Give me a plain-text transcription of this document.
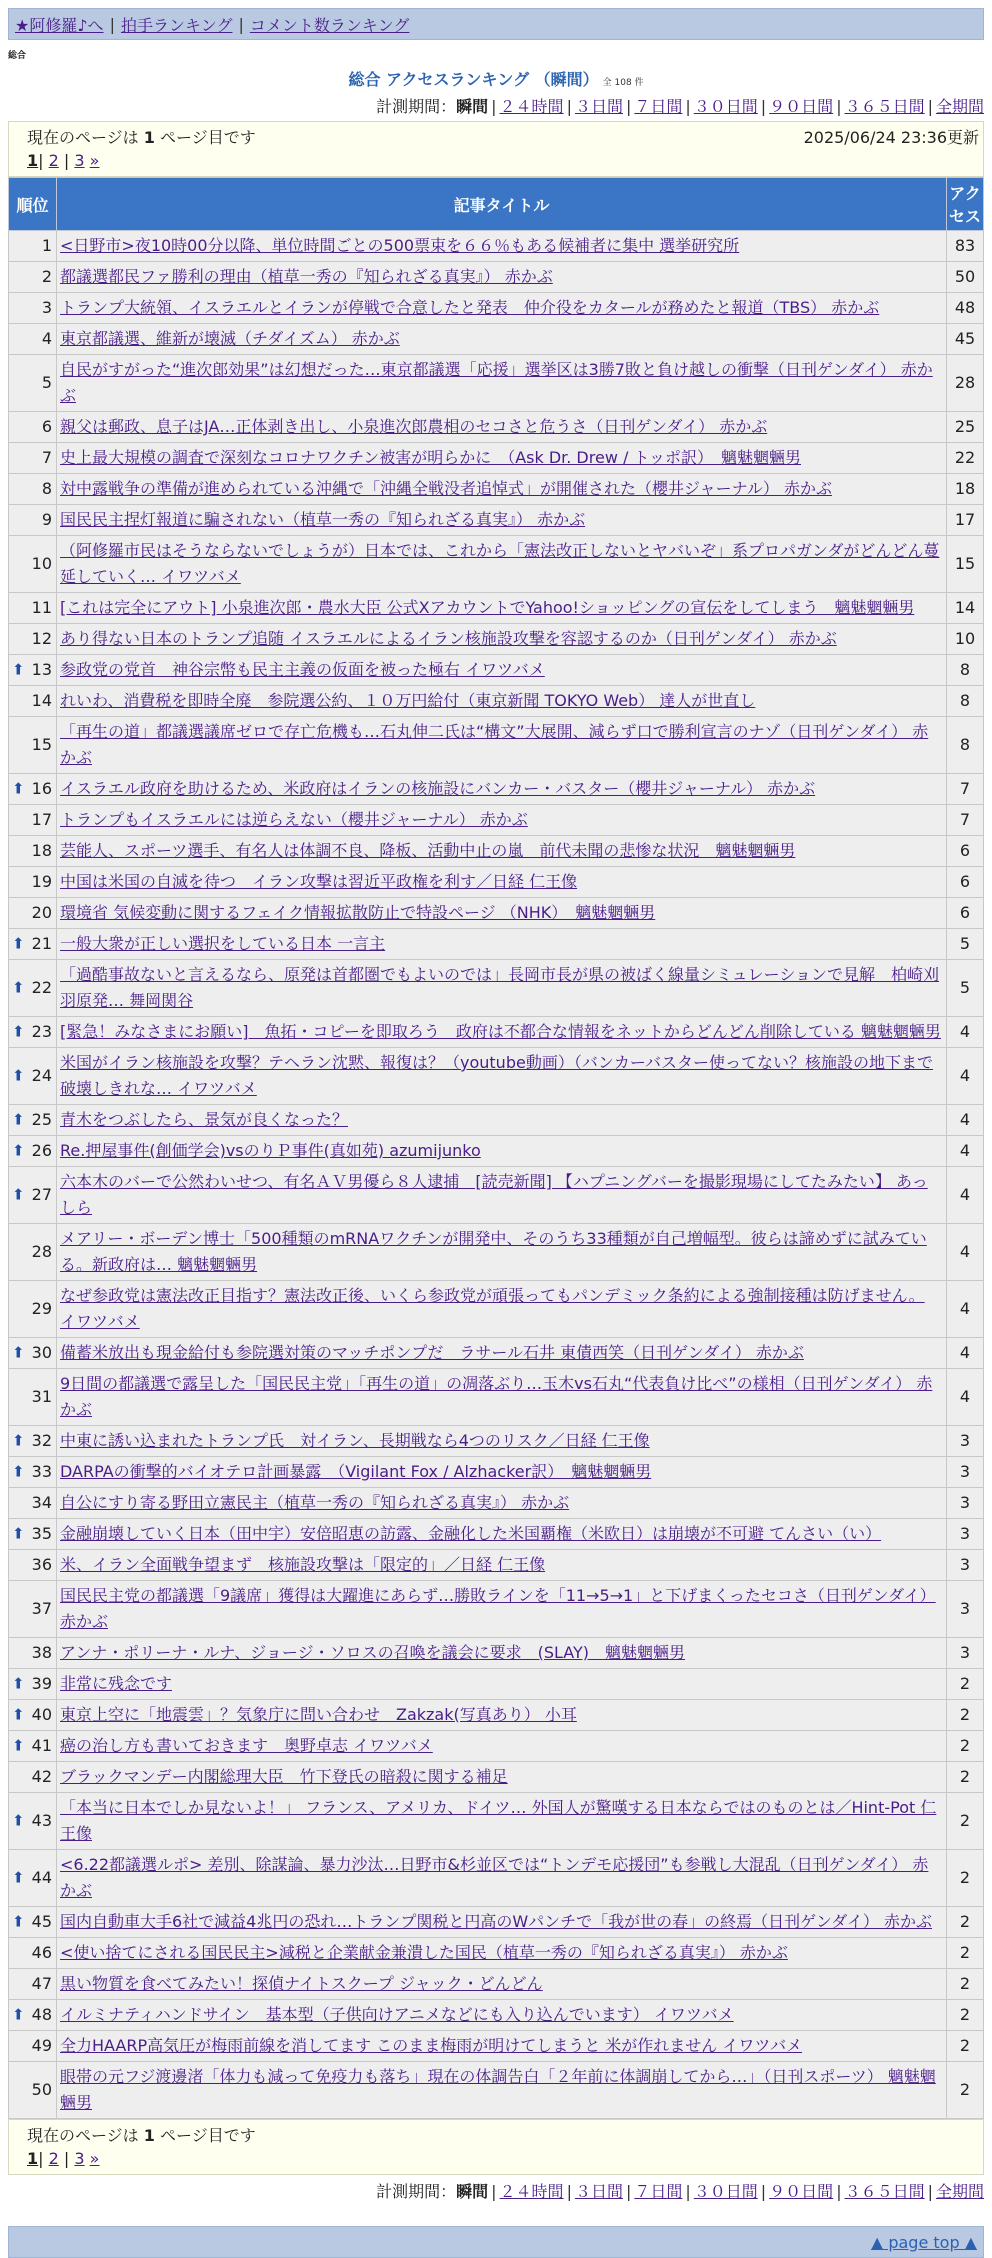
★阿修羅♪へ | 拍手ランキング | コメント数ランキング
総合
総合 アクセスランキング （瞬間） 全 108 件
計測期間：瞬間 | ２４時間 | ３日間 | ７日間 | ３０日間 | ９０日間 | ３６５日間 | 全期間
現在のページは 1 ページ目です	2025/06/24 23:36更新
1| 2 | 3 »
順位	記事タイトル	アクセス
1	<日野市>夜10時00分以降、単位時間ごとの500票束を６６％もある候補者に集中 選挙研究所	83
2	都議選都民ファ勝利の理由（植草一秀の『知られざる真実』） 赤かぶ	50
3	トランプ大統領、イスラエルとイランが停戦で合意したと発表　仲介役をカタールが務めたと報道（TBS） 赤かぶ	48
4	東京都議選、維新が壊滅（チダイズム） 赤かぶ	45
5	自民がすがった“進次郎効果”は幻想だった…東京都議選「応援」選挙区は3勝7敗と負け越しの衝撃（日刊ゲンダイ） 赤かぶ	28
6	親父は郵政、息子はJA…正体剥き出し、小泉進次郎農相のセコさと危うさ（日刊ゲンダイ） 赤かぶ	25
7	史上最大規模の調査で深刻なコロナワクチン被害が明らかに　（Ask Dr. Drew / トッポ訳）　魑魅魍魎男	22
8	対中露戦争の準備が進められている沖縄で「沖縄全戦没者追悼式」が開催された（櫻井ジャーナル） 赤かぶ	18
9	国民民主捏灯報道に騙されない（植草一秀の『知られざる真実』） 赤かぶ	17
10	（阿修羅市民はそうならないでしょうが）日本では、これから「憲法改正しないとヤバいぞ」系プロパガンダがどんどん蔓延していく… イワツバメ	15
11	[これは完全にアウト] 小泉進次郎・農水大臣 公式XアカウントでYahoo!ショッピングの宣伝をしてしまう　魑魅魍魎男	14
12	あり得ない日本のトランプ追随 イスラエルによるイラン核施設攻撃を容認するのか（日刊ゲンダイ） 赤かぶ	10

⬆ 13	参政党の党首　神谷宗幣も民主主義の仮面を被った極右 イワツバメ	8
14	れいわ、消費税を即時全廃　参院選公約、１０万円給付（東京新聞 TOKYO Web） 達人が世直し	8
15	「再生の道」都議選議席ゼロで存亡危機も…石丸伸二氏は“構文”大展開、減らず口で勝利宣言のナゾ（日刊ゲンダイ） 赤かぶ	8

⬆ 16	イスラエル政府を助けるため、米政府はイランの核施設にバンカー・バスター（櫻井ジャーナル） 赤かぶ	7
17	トランプもイスラエルには逆らえない（櫻井ジャーナル） 赤かぶ	7
18	芸能人、スポーツ選手、有名人は体調不良、降板、活動中止の嵐　前代未聞の悲惨な状況　魑魅魍魎男	6
19	中国は米国の自滅を待つ　イラン攻撃は習近平政権を利す／日経 仁王像	6
20	環境省 気候変動に関するフェイク情報拡散防止で特設ページ （NHK）　魑魅魍魎男	6

⬆ 21	一般大衆が正しい選択をしている日本 一言主	5

⬆ 22	「過酷事故ないと言えるなら、原発は首都圏でもよいのでは」長岡市長が県の被ばく線量シミュレーションで見解　柏崎刈羽原発… 舞岡関谷	5

⬆ 23	[緊急！みなさまにお願い]　魚拓・コピーを即取ろう　政府は不都合な情報をネットからどんどん削除している 魑魅魍魎男	4

⬆ 24	米国がイラン核施設を攻撃？テヘラン沈黙、報復は？（youtube動画）（バンカーバスター使ってない？核施設の地下まで破壊しきれな… イワツバメ	4

⬆ 25	青木をつぶしたら、景気が良くなった？	4

⬆ 26	Re.押屋事件(創価学会)vsのりＰ事件(真如苑) azumijunko	4

⬆ 27	六本木のバーで公然わいせつ、有名ＡＶ男優ら８人逮捕　[読売新聞] 【ハプニングバーを撮影現場にしてたみたい】 あっしら	4
28	メアリー・ボーデン博士「500種類のmRNAワクチンが開発中、そのうち33種類が自己増幅型。彼らは諦めずに試みている。新政府は… 魑魅魍魎男	4
29	なぜ参政党は憲法改正目指す？憲法改正後、いくら参政党が頑張ってもパンデミック条約による強制接種は防げません。 イワツバメ	4

⬆ 30	備蓄米放出も現金給付も参院選対策のマッチポンプだ　ラサール石井 東債西笑（日刊ゲンダイ） 赤かぶ	4
31	9日間の都議選で露呈した「国民民主党」「再生の道」の凋落ぶり…玉木vs石丸“代表負け比べ”の様相（日刊ゲンダイ） 赤かぶ	4

⬆ 32	中東に誘い込まれたトランプ氏　対イラン、長期戦なら4つのリスク／日経 仁王像	3

⬆ 33	DARPAの衝撃的バイオテロ計画暴露　（Vigilant Fox / Alzhacker訳）　魑魅魍魎男	3
34	自公にすり寄る野田立憲民主（植草一秀の『知られざる真実』） 赤かぶ	3

⬆ 35	金融崩壊していく日本（田中宇）安倍昭恵の訪露、金融化した米国覇権（米欧日）は崩壊が不可避 てんさい（い）	3
36	米、イラン全面戦争望まず　核施設攻撃は「限定的」／日経 仁王像	3
37	国民民主党の都議選「9議席」獲得は大躍進にあらず…勝敗ラインを「11→5→1」と下げまくったセコさ（日刊ゲンダイ） 赤かぶ	3
38	アンナ・ポリーナ・ルナ、ジョージ・ソロスの召喚を議会に要求　(SLAY)　魑魅魍魎男	3

⬆ 39	非常に残念です	2

⬆ 40	東京上空に「地震雲」？気象庁に問い合わせ　Zakzak(写真あり） 小耳	2

⬆ 41	癌の治し方も書いておきます　奥野卓志 イワツバメ	2
42	ブラックマンデー内閣総理大臣　竹下登氏の暗殺に関する補足	2

⬆ 43	「本当に日本でしか見ないよ！」 フランス、アメリカ、ドイツ… 外国人が驚嘆する日本ならではのものとは／Hint-Pot 仁王像	2

⬆ 44	<6.22都議選ルポ> 差別、除謀論、暴力沙汰…日野市&杉並区では“トンデモ応援団”も参戦し大混乱（日刊ゲンダイ） 赤かぶ	2

⬆ 45	国内自動車大手6社で減益4兆円の恐れ…トランプ関税と円高のWパンチで「我が世の春」の終焉（日刊ゲンダイ） 赤かぶ	2
46	<使い捨てにされる国民民主>減税と企業献金兼潰した国民（植草一秀の『知られざる真実』） 赤かぶ	2
47	黒い物質を食べてみたい！探偵ナイトスクープ ジャック・どんどん	2

⬆ 48	イルミナティハンドサイン　基本型（子供向けアニメなどにも入り込んでいます） イワツバメ	2
49	全力HAARP高気圧が梅雨前線を消してます このまま梅雨が明けてしまうと 米が作れません イワツバメ	2
50	眼帯の元フジ渡邊渚「体力も減って免疫力も落ち」現在の体調告白「２年前に体調崩してから…」（日刊スポーツ） 魑魅魍魎男	2
現在のページは 1 ページ目です
1| 2 | 3 »
計測期間：瞬間 | ２４時間 | ３日間 | ７日間 | ３０日間 | ９０日間 | ３６５日間 | 全期間
▲ page top ▲
